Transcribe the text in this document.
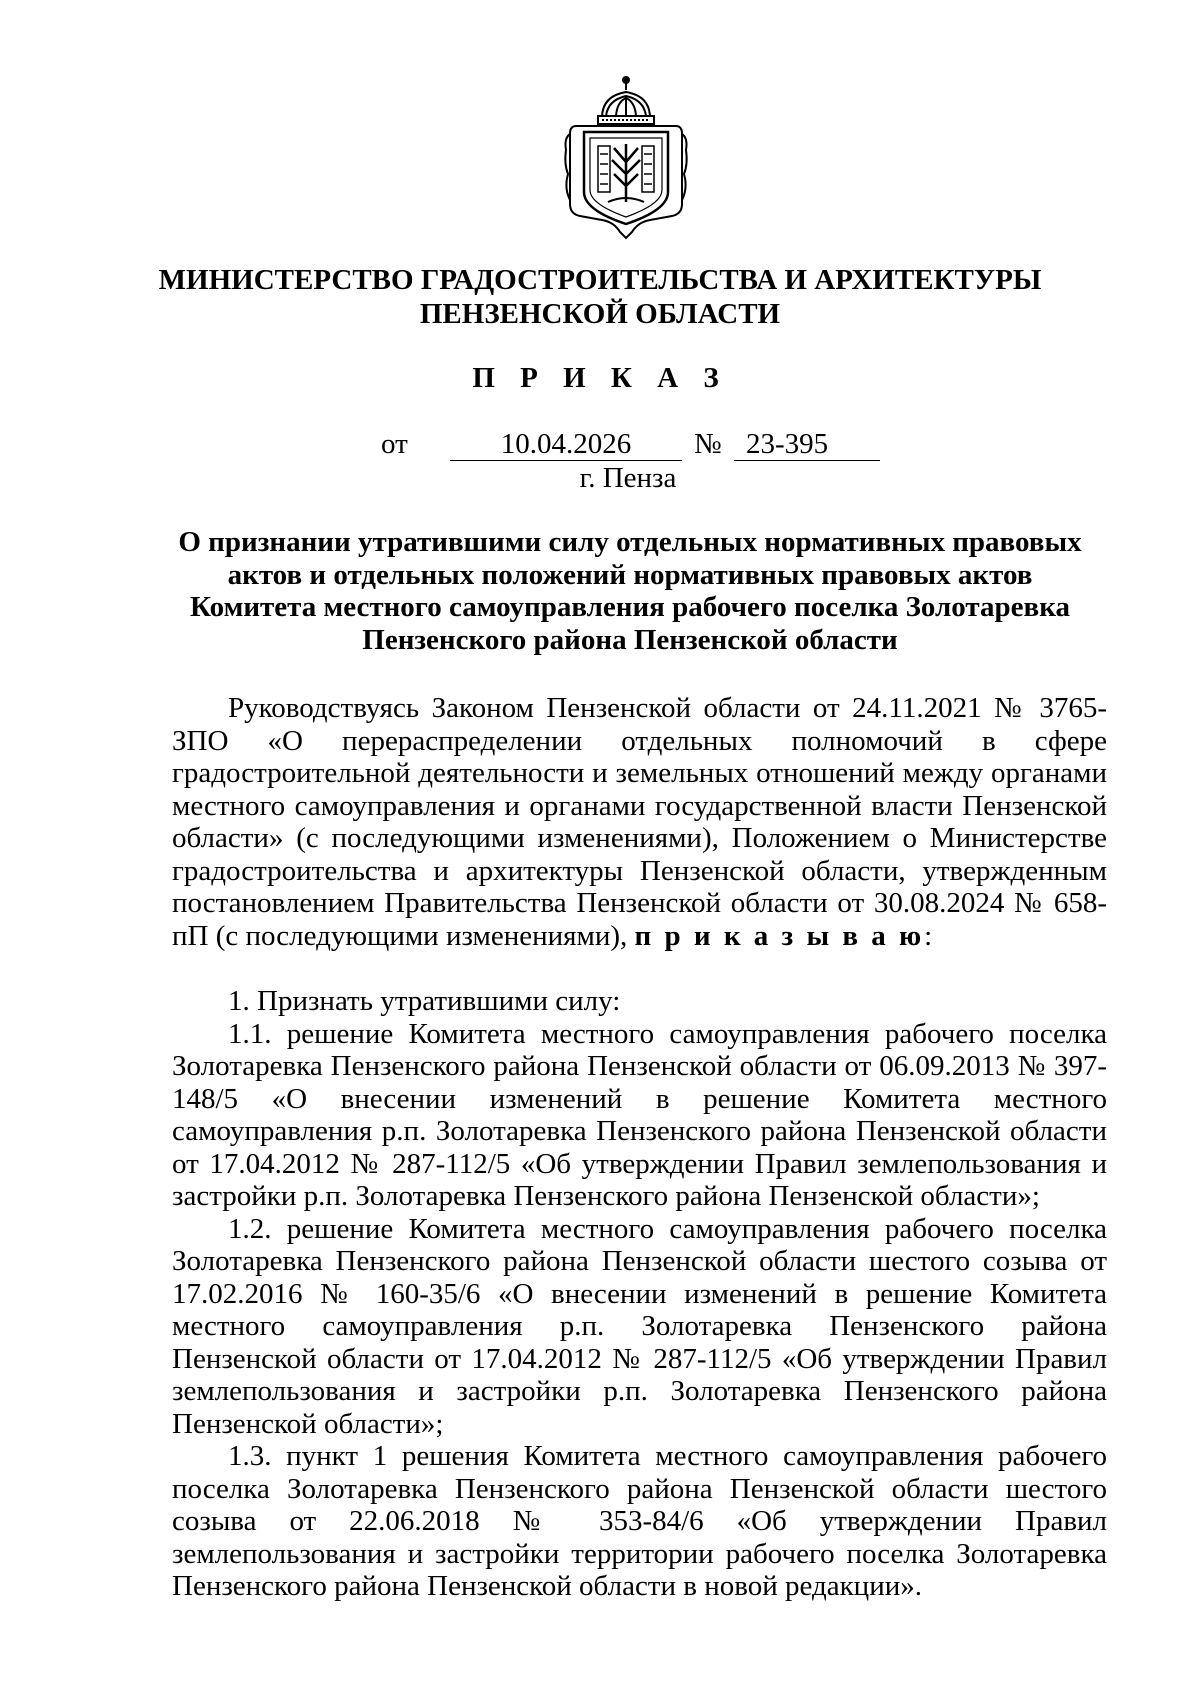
МИНИСТЕРСТВО ГРАДОСТРОИТЕЛЬСТВА И АРХИТЕКТУРЫ
ПЕНЗЕНСКОЙ ОБЛАСТИ
П Р И К А З
от	10.04.2026	№ 23-395
г. Пенза
О признании утратившими силу отдельных нормативных правовых актов и отдельных положений нормативных правовых актов Комитета местного самоуправления рабочего поселка Золотаревка Пензенского района Пензенской области

Руководствуясь Законом Пензенской области от 24.11.2021 № 3765-ЗПО «О перераспределении отдельных полномочий в сфере градостроительной деятельности и земельных отношений между органами местного самоуправления и органами государственной власти Пензенской области» (с последующими изменениями), Положением о Министерстве градостроительства и архитектуры Пензенской области, утвержденным постановлением Правительства Пензенской области от 30.08.2024 № 658-пП (с последующими изменениями), п р и к а з ы в а ю:

1. Признать утратившими силу:

1.1. решение Комитета местного самоуправления рабочего поселка Золотаревка Пензенского района Пензенской области от 06.09.2013 № 397-148/5 «О внесении изменений в решение Комитета местного самоуправления р.п. Золотаревка Пензенского района Пензенской области от 17.04.2012 № 287-112/5 «Об утверждении Правил землепользования и застройки р.п. Золотаревка Пензенского района Пензенской области»;

1.2. решение Комитета местного самоуправления рабочего поселка Золотаревка Пензенского района Пензенской области шестого созыва от 17.02.2016 № 160-35/6 «О внесении изменений в решение Комитета местного самоуправления р.п. Золотаревка Пензенского района Пензенской области от 17.04.2012 № 287-112/5 «Об утверждении Правил землепользования и застройки р.п. Золотаревка Пензенского района Пензенской области»;

1.3. пункт 1 решения Комитета местного самоуправления рабочего поселка Золотаревка Пензенского района Пензенской области шестого созыва от 22.06.2018 № 353-84/6 «Об утверждении Правил землепользования и застройки территории рабочего поселка Золотаревка Пензенского района Пензенской области в новой редакции».
